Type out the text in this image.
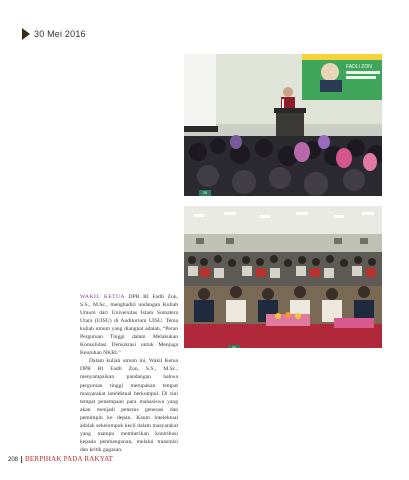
30 Mei 2016
FADLI ZON
29
30

WAKIL KETUA DPR RI Fadli Zon, S.S., M.Sc., menghadiri undangan Kuliah Umum dari Universitas Islam Sumatera Utara (UISU) di Auditorium UISU. Tema kuliah umum yang diangkat adalah, “Peran Perguruan Tinggi dalam Melakukan Konsolidasi Demokrasi untuk Menjaga Keutuhan NKRI.”

Dalam kuliah umum ini, Wakil Ketua DPR RI Fadli Zon, S.S., M.Sc., menyampaikan pandangan bahwa perguruan tinggi merupakan tempat masyarakat intelektual berkumpul. Di sini tempat penempaan para mahasiswa yang akan menjadi penerus generasi dan pemimpin ke depan. Kaum intelektual adalah sekelompok kecil dalam masyarakat yang mampu memberikan kontribusi kepada pembangunan, melalui transmisi dan kritik gagasan.

208 BERPIHAK PADA RAKYAT
